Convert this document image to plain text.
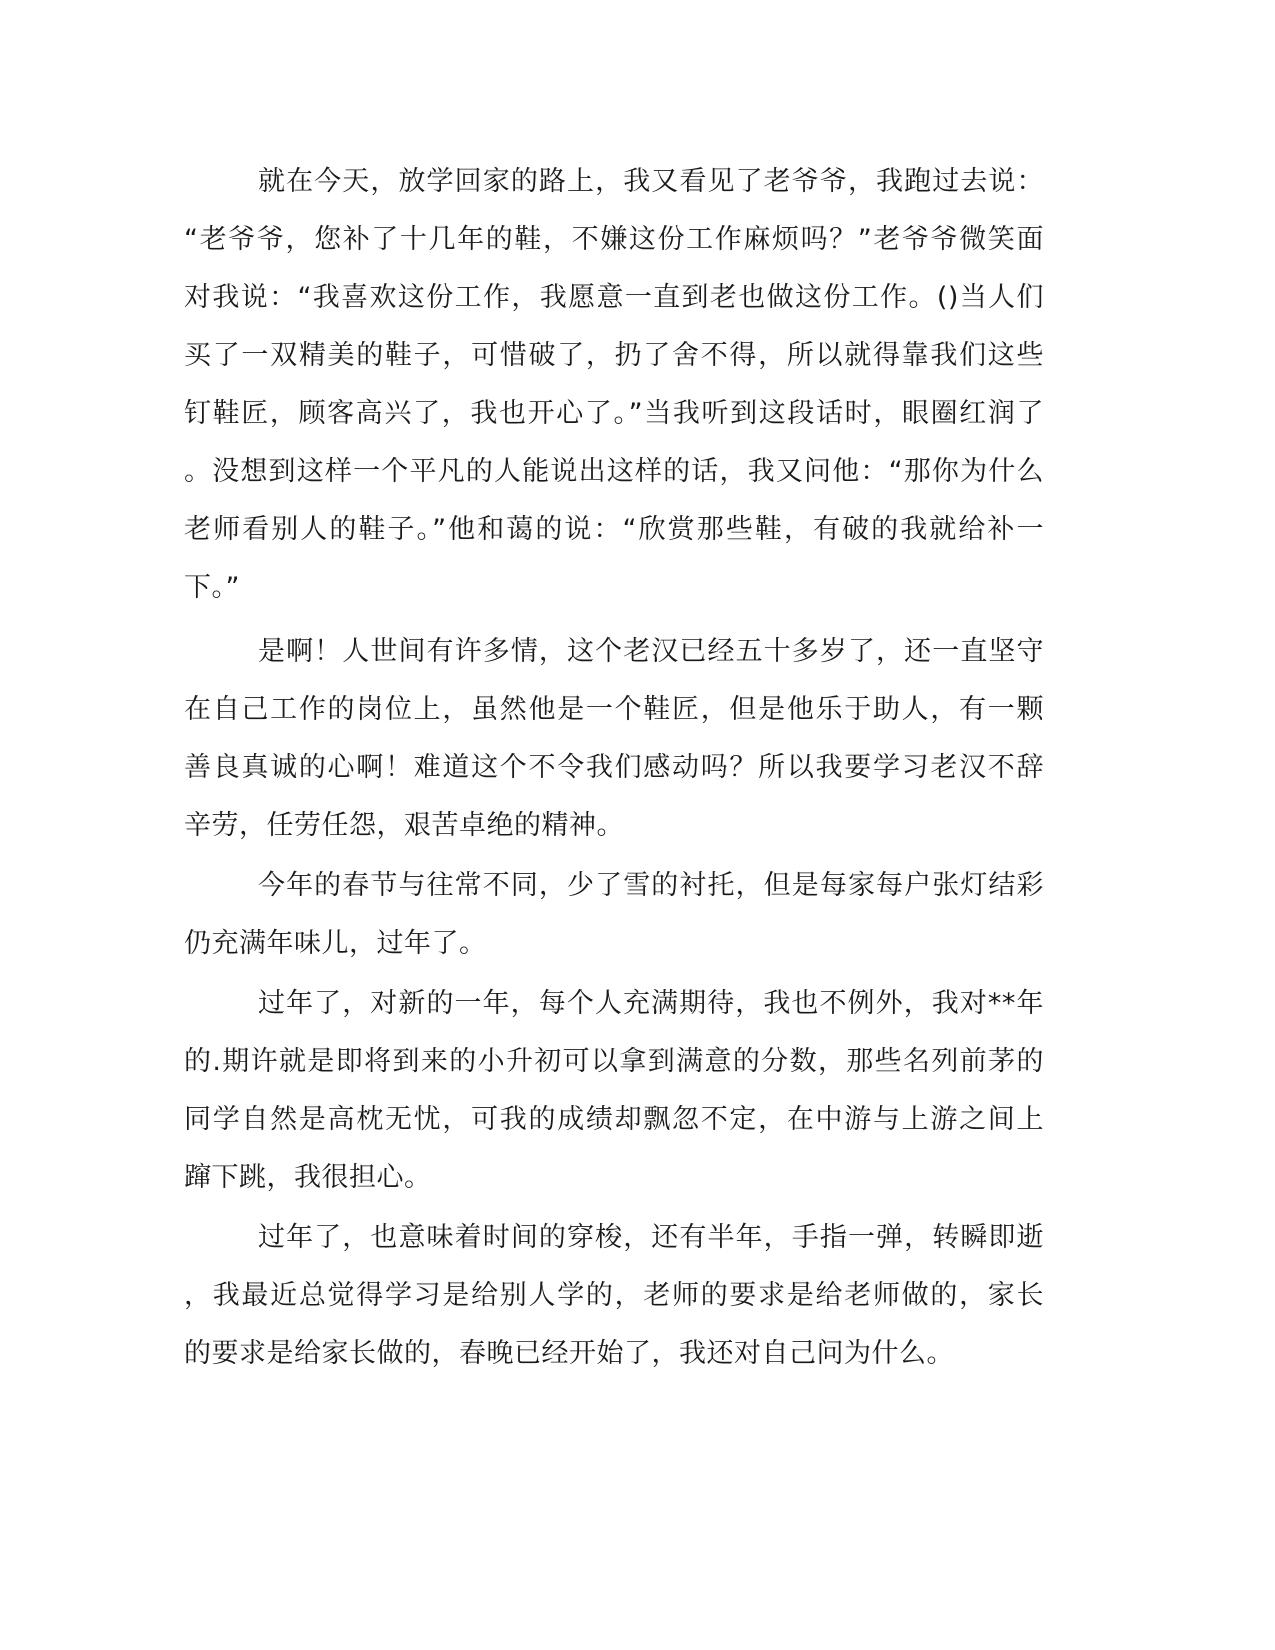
就在今天，放学回家的路上，我又看见了老爷爷，我跑过去说：
“老爷爷，您补了十几年的鞋，不嫌这份工作麻烦吗？”老爷爷微笑面
对我说：“我喜欢这份工作，我愿意一直到老也做这份工作。()当人们
买了一双精美的鞋子，可惜破了，扔了舍不得，所以就得靠我们这些
钉鞋匠，顾客高兴了，我也开心了。”当我听到这段话时，眼圈红润了
。没想到这样一个平凡的人能说出这样的话，我又问他：“那你为什么
老师看别人的鞋子。”他和蔼的说：“欣赏那些鞋，有破的我就给补一
下。”
是啊！人世间有许多情，这个老汉已经五十多岁了，还一直坚守
在自己工作的岗位上，虽然他是一个鞋匠，但是他乐于助人，有一颗
善良真诚的心啊！难道这个不令我们感动吗？所以我要学习老汉不辞
辛劳，任劳任怨，艰苦卓绝的精神。
今年的春节与往常不同，少了雪的衬托，但是每家每户张灯结彩
仍充满年味儿，过年了。
过年了，对新的一年，每个人充满期待，我也不例外，我对**年
的.期许就是即将到来的小升初可以拿到满意的分数，那些名列前茅的
同学自然是高枕无忧，可我的成绩却飘忽不定，在中游与上游之间上
蹿下跳，我很担心。
过年了，也意味着时间的穿梭，还有半年，手指一弹，转瞬即逝
，我最近总觉得学习是给别人学的，老师的要求是给老师做的，家长
的要求是给家长做的，春晚已经开始了，我还对自己问为什么。
